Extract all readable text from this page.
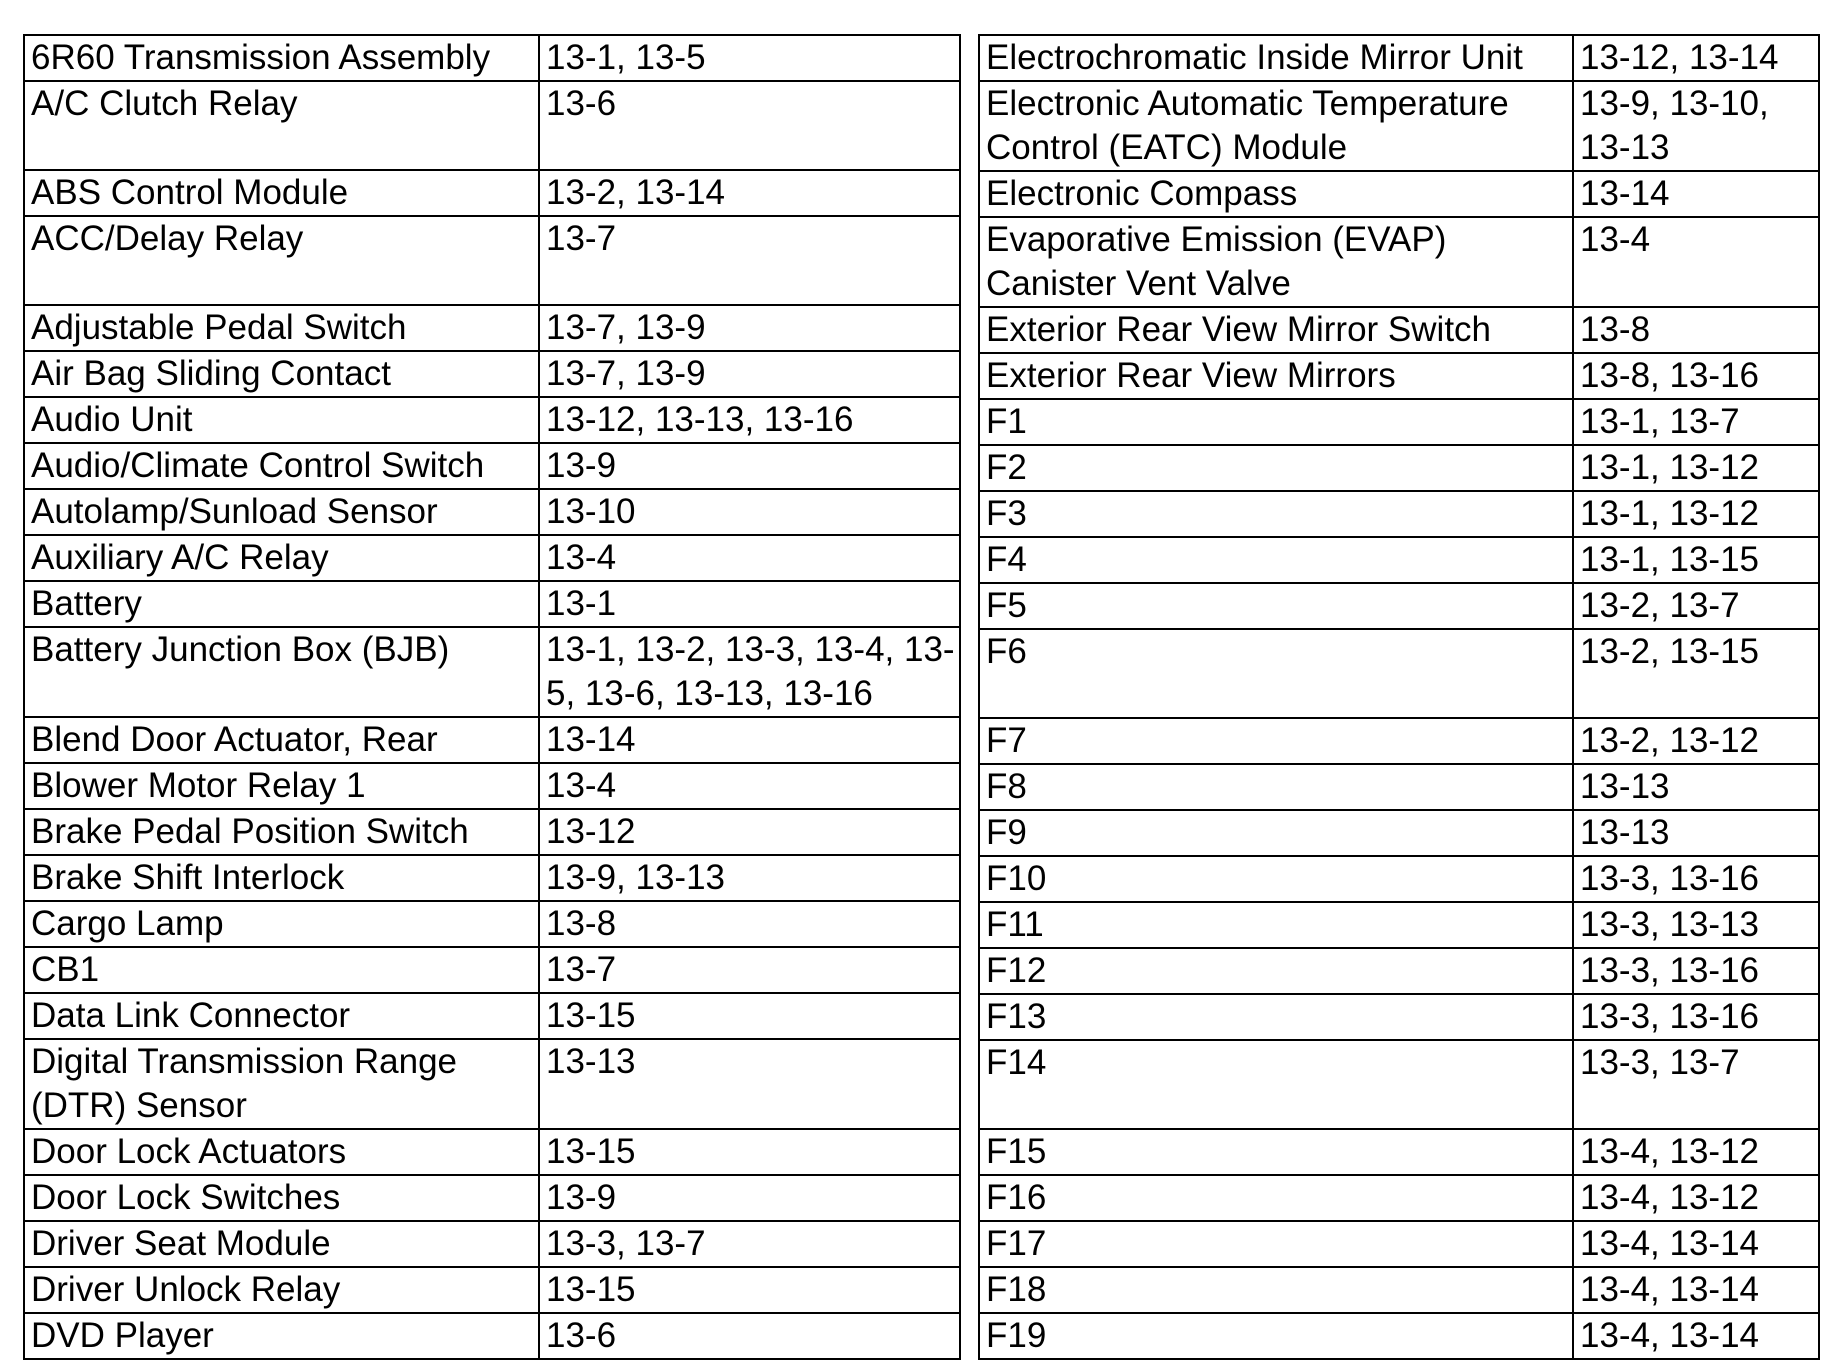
6R60 Transmission Assembly	13-1, 13-5
A/C Clutch Relay	13-6
ABS Control Module	13-2, 13-14
ACC/Delay Relay	13-7
Adjustable Pedal Switch	13-7, 13-9
Air Bag Sliding Contact	13-7, 13-9
Audio Unit	13-12, 13-13, 13-16
Audio/Climate Control Switch	13-9
Autolamp/Sunload Sensor	13-10
Auxiliary A/C Relay	13-4
Battery	13-1
Battery Junction Box (BJB)	13-1, 13-2, 13-3, 13-4, 13-5, 13-6, 13-13, 13-16
Blend Door Actuator, Rear	13-14
Blower Motor Relay 1	13-4
Brake Pedal Position Switch	13-12
Brake Shift Interlock	13-9, 13-13
Cargo Lamp	13-8
CB1	13-7
Data Link Connector	13-15
Digital Transmission Range (DTR) Sensor	13-13
Door Lock Actuators	13-15
Door Lock Switches	13-9
Driver Seat Module	13-3, 13-7
Driver Unlock Relay	13-15
DVD Player	13-6
Electrochromatic Inside Mirror Unit	13-12, 13-14
Electronic Automatic Temperature Control (EATC) Module	13-9, 13-10, 13-13
Electronic Compass	13-14
Evaporative Emission (EVAP) Canister Vent Valve	13-4
Exterior Rear View Mirror Switch	13-8
Exterior Rear View Mirrors	13-8, 13-16
F1	13-1, 13-7
F2	13-1, 13-12
F3	13-1, 13-12
F4	13-1, 13-15
F5	13-2, 13-7
F6	13-2, 13-15
F7	13-2, 13-12
F8	13-13
F9	13-13
F10	13-3, 13-16
F11	13-3, 13-13
F12	13-3, 13-16
F13	13-3, 13-16
F14	13-3, 13-7
F15	13-4, 13-12
F16	13-4, 13-12
F17	13-4, 13-14
F18	13-4, 13-14
F19	13-4, 13-14
